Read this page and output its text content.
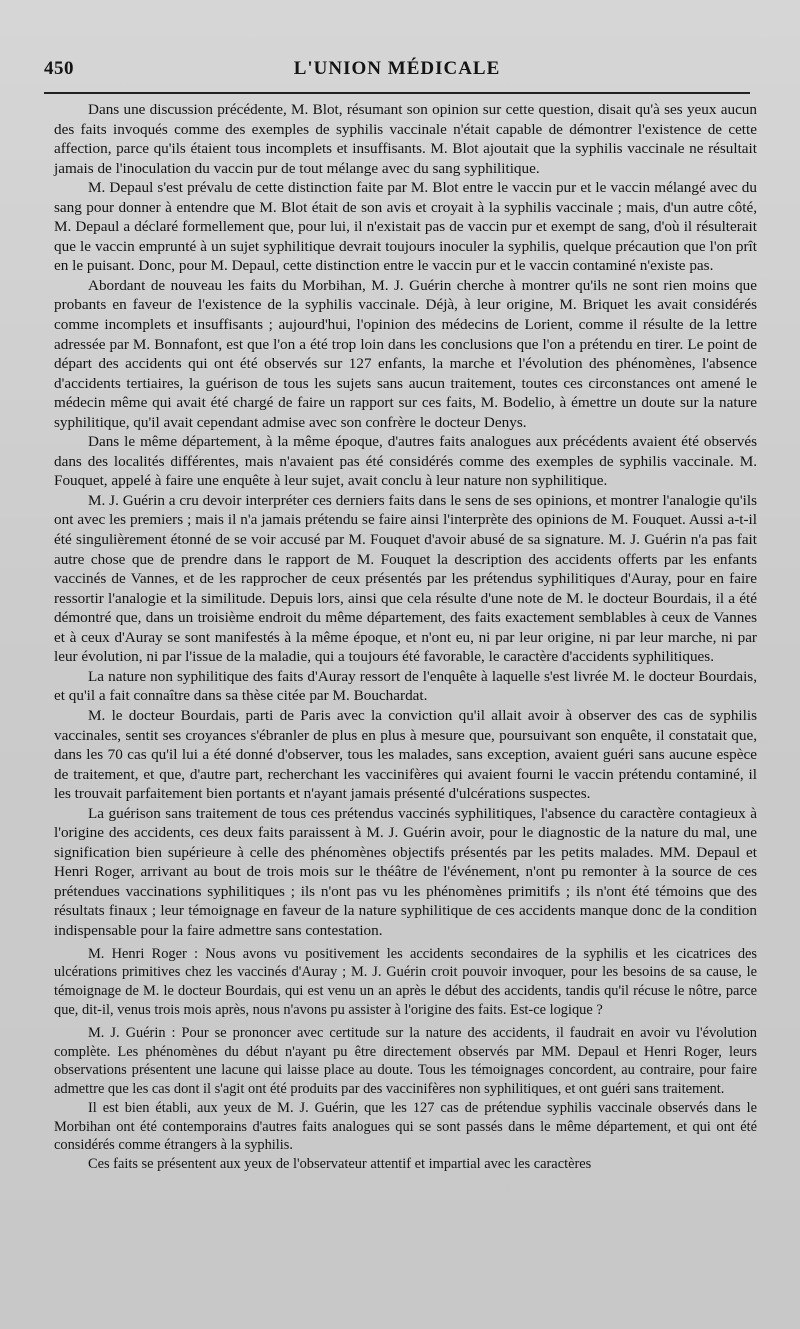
450	L'UNION MÉDICALE

Dans une discussion précédente, M. Blot, résumant son opinion sur cette question, disait qu'à ses yeux aucun des faits invoqués comme des exemples de syphilis vaccinale n'était capable de démontrer l'existence de cette affection, parce qu'ils étaient tous incomplets et insuffisants. M. Blot ajoutait que la syphilis vaccinale ne résultait jamais de l'inoculation du vaccin pur de tout mélange avec du sang syphilitique.

M. Depaul s'est prévalu de cette distinction faite par M. Blot entre le vaccin pur et le vaccin mélangé avec du sang pour donner à entendre que M. Blot était de son avis et croyait à la syphilis vaccinale ; mais, d'un autre côté, M. Depaul a déclaré formellement que, pour lui, il n'existait pas de vaccin pur et exempt de sang, d'où il résulterait que le vaccin emprunté à un sujet syphilitique devrait toujours inoculer la syphilis, quelque précaution que l'on prît en le puisant. Donc, pour M. Depaul, cette distinction entre le vaccin pur et le vaccin contaminé n'existe pas.

Abordant de nouveau les faits du Morbihan, M. J. Guérin cherche à montrer qu'ils ne sont rien moins que probants en faveur de l'existence de la syphilis vaccinale. Déjà, à leur origine, M. Briquet les avait considérés comme incomplets et insuffisants ; aujourd'hui, l'opinion des médecins de Lorient, comme il résulte de la lettre adressée par M. Bonnafont, est que l'on a été trop loin dans les conclusions que l'on a prétendu en tirer. Le point de départ des accidents qui ont été observés sur 127 enfants, la marche et l'évolution des phénomènes, l'absence d'accidents tertiaires, la guérison de tous les sujets sans aucun traitement, toutes ces circonstances ont amené le médecin même qui avait été chargé de faire un rapport sur ces faits, M. Bodelio, à émettre un doute sur la nature syphilitique, qu'il avait cependant admise avec son confrère le docteur Denys.

Dans le même département, à la même époque, d'autres faits analogues aux précédents avaient été observés dans des localités différentes, mais n'avaient pas été considérés comme des exemples de syphilis vaccinale. M. Fouquet, appelé à faire une enquête à leur sujet, avait conclu à leur nature non syphilitique.

M. J. Guérin a cru devoir interpréter ces derniers faits dans le sens de ses opinions, et montrer l'analogie qu'ils ont avec les premiers ; mais il n'a jamais prétendu se faire ainsi l'interprète des opinions de M. Fouquet. Aussi a-t-il été singulièrement étonné de se voir accusé par M. Fouquet d'avoir abusé de sa signature. M. J. Guérin n'a pas fait autre chose que de prendre dans le rapport de M. Fouquet la description des accidents offerts par les enfants vaccinés de Vannes, et de les rapprocher de ceux présentés par les prétendus syphilitiques d'Auray, pour en faire ressortir l'analogie et la similitude. Depuis lors, ainsi que cela résulte d'une note de M. le docteur Bourdais, il a été démontré que, dans un troisième endroit du même département, des faits exactement semblables à ceux de Vannes et à ceux d'Auray se sont manifestés à la même époque, et n'ont eu, ni par leur origine, ni par leur marche, ni par leur évolution, ni par l'issue de la maladie, qui a toujours été favorable, le caractère d'accidents syphilitiques.

La nature non syphilitique des faits d'Auray ressort de l'enquête à laquelle s'est livrée M. le docteur Bourdais, et qu'il a fait connaître dans sa thèse citée par M. Bouchardat.

M. le docteur Bourdais, parti de Paris avec la conviction qu'il allait avoir à observer des cas de syphilis vaccinales, sentit ses croyances s'ébranler de plus en plus à mesure que, poursuivant son enquête, il constatait que, dans les 70 cas qu'il lui a été donné d'observer, tous les malades, sans exception, avaient guéri sans aucune espèce de traitement, et que, d'autre part, recherchant les vaccinifères qui avaient fourni le vaccin prétendu contaminé, il les trouvait parfaitement bien portants et n'ayant jamais présenté d'ulcérations suspectes.

La guérison sans traitement de tous ces prétendus vaccinés syphilitiques, l'absence du caractère contagieux à l'origine des accidents, ces deux faits paraissent à M. J. Guérin avoir, pour le diagnostic de la nature du mal, une signification bien supérieure à celle des phénomènes objectifs présentés par les petits malades. MM. Depaul et Henri Roger, arrivant au bout de trois mois sur le théâtre de l'événement, n'ont pu remonter à la source de ces prétendues vaccinations syphilitiques ; ils n'ont pas vu les phénomènes primitifs ; ils n'ont été témoins que des résultats finaux ; leur témoignage en faveur de la nature syphilitique de ces accidents manque donc de la condition indispensable pour la faire admettre sans contestation.

M. Henri Roger : Nous avons vu positivement les accidents secondaires de la syphilis et les cicatrices des ulcérations primitives chez les vaccinés d'Auray ; M. J. Guérin croit pouvoir invoquer, pour les besoins de sa cause, le témoignage de M. le docteur Bourdais, qui est venu un an après le début des accidents, tandis qu'il récuse le nôtre, parce que, dit-il, venus trois mois après, nous n'avons pu assister à l'origine des faits. Est-ce logique ?

M. J. Guérin : Pour se prononcer avec certitude sur la nature des accidents, il faudrait en avoir vu l'évolution complète. Les phénomènes du début n'ayant pu être directement observés par MM. Depaul et Henri Roger, leurs observations présentent une lacune qui laisse place au doute. Tous les témoignages concordent, au contraire, pour faire admettre que les cas dont il s'agit ont été produits par des vaccinifères non syphilitiques, et ont guéri sans traitement.

Il est bien établi, aux yeux de M. J. Guérin, que les 127 cas de prétendue syphilis vaccinale observés dans le Morbihan ont été contemporains d'autres faits analogues qui se sont passés dans le même département, et qui ont été considérés comme étrangers à la syphilis.

Ces faits se présentent aux yeux de l'observateur attentif et impartial avec les caractères
